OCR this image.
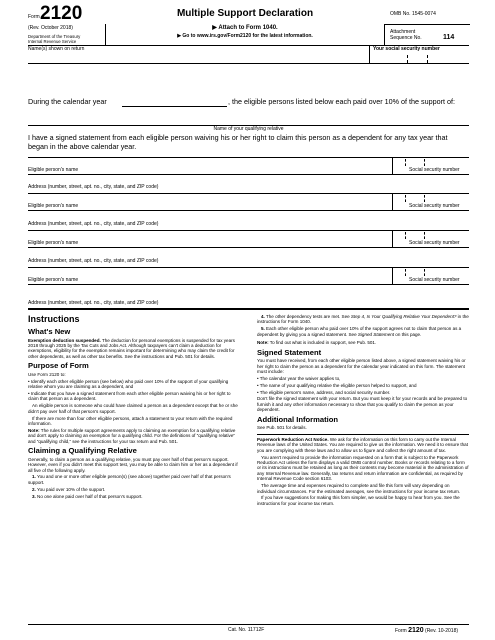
Form 2120
(Rev. October 2018)
Department of the Treasury
Internal Revenue Service
Multiple Support Declaration
▶ Attach to Form 1040.
▶ Go to www.irs.gov/Form2120 for the latest information.
OMB No. 1545-0074
Attachment
Sequence No.	114
Name(s) shown on return	Your social security number
During the calendar year	, the eligible persons listed below each paid over 10% of the support of:
Name of your qualifying relative
I have a signed statement from each eligible person waiving his or her right to claim this person as a dependent for any tax year that began in the above calendar year.
Eligible person's name	Social security number
Address (number, street, apt. no., city, state, and ZIP code)
Eligible person's name	Social security number
Address (number, street, apt. no., city, state, and ZIP code)
Eligible person's name	Social security number
Address (number, street, apt. no., city, state, and ZIP code)
Eligible person's name	Social security number
Address (number, street, apt. no., city, state, and ZIP code)
Instructions
What's New

Exemption deduction suspended. The deduction for personal exemptions is suspended for tax years 2018 through 2025 by the Tax Cuts and Jobs Act. Although taxpayers can't claim a deduction for exemptions, eligibility for the exemption remains important for determining who may claim the credit for other dependents, as well as other tax benefits. See the instructions and Pub. 501 for details.

Purpose of Form

Use Form 2120 to:

• Identify each other eligible person (see below) who paid over 10% of the support of your qualifying relative whom you are claiming as a dependent, and

• Indicate that you have a signed statement from each other eligible person waiving his or her right to claim that person as a dependent.

An eligible person is someone who could have claimed a person as a dependent except that he or she didn't pay over half of that person's support.

If there are more than four other eligible persons, attach a statement to your return with the required information.

Note: The rules for multiple support agreements apply to claiming an exemption for a qualifying relative and don't apply to claiming an exemption for a qualifying child. For the definitions of “qualifying relative” and “qualifying child,” see the instructions for your tax return and Pub. 501.

Claiming a Qualifying Relative

Generally, to claim a person as a qualifying relative, you must pay over half of that person's support. However, even if you didn't meet this support test, you may be able to claim him or her as a dependent if all five of the following apply.

1. You and one or more other eligible person(s) (see above) together paid over half of that person's support.

2. You paid over 10% of the support.

3. No one alone paid over half of that person's support.

4. The other dependency tests are met. See Step 4, Is Your Qualifying Relative Your Dependent? in the instructions for Form 1040.

5. Each other eligible person who paid over 10% of the support agrees not to claim that person as a dependent by giving you a signed statement. See Signed Statement on this page.

Note: To find out what is included in support, see Pub. 501.

Signed Statement

You must have received, from each other eligible person listed above, a signed statement waiving his or her right to claim the person as a dependent for the calendar year indicated on this form. The statement must include:

• The calendar year the waiver applies to,

• The name of your qualifying relative the eligible person helped to support, and

• The eligible person's name, address, and social security number.

Don't file the signed statement with your return. But you must keep it for your records and be prepared to furnish it and any other information necessary to show that you qualify to claim the person as your dependent.

Additional Information

See Pub. 501 for details.

Paperwork Reduction Act Notice. We ask for the information on this form to carry out the Internal Revenue laws of the United States. You are required to give us the information. We need it to ensure that you are complying with these laws and to allow us to figure and collect the right amount of tax.

You aren't required to provide the information requested on a form that is subject to the Paperwork Reduction Act unless the form displays a valid OMB control number. Books or records relating to a form or its instructions must be retained as long as their contents may become material in the administration of any Internal Revenue law. Generally, tax returns and return information are confidential, as required by Internal Revenue Code section 6103.

The average time and expenses required to complete and file this form will vary depending on individual circumstances. For the estimated averages, see the instructions for your income tax return.

If you have suggestions for making this form simpler, we would be happy to hear from you. See the instructions for your income tax return.

Cat. No. 11712F	Form 2120 (Rev. 10-2018)
